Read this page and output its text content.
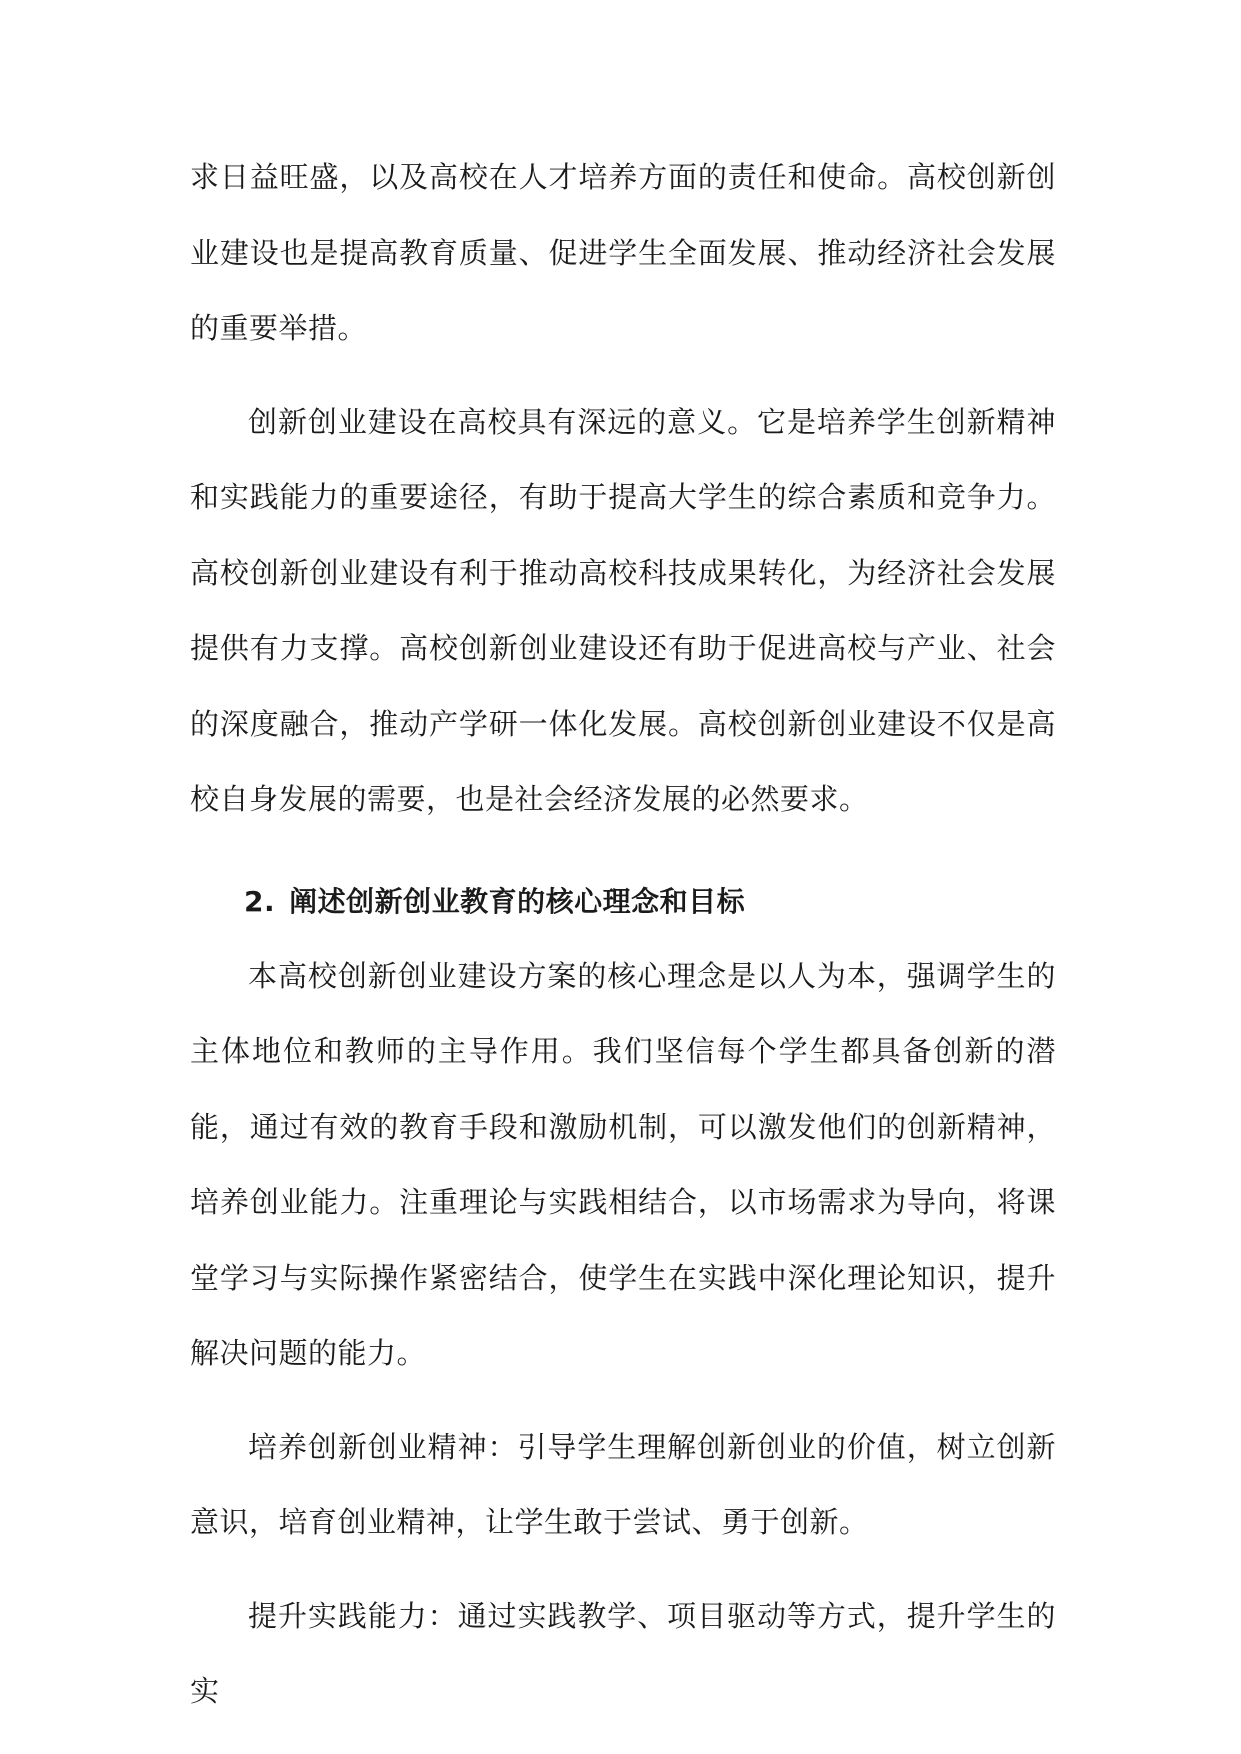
求日益旺盛，以及高校在人才培养方面的责任和使命。高校创新创业建设也是提高教育质量、促进学生全面发展、推动经济社会发展的重要举措。

创新创业建设在高校具有深远的意义。它是培养学生创新精神和实践能力的重要途径，有助于提高大学生的综合素质和竞争力。高校创新创业建设有利于推动高校科技成果转化，为经济社会发展提供有力支撑。高校创新创业建设还有助于促进高校与产业、社会的深度融合，推动产学研一体化发展。高校创新创业建设不仅是高校自身发展的需要，也是社会经济发展的必然要求。

2. 阐述创新创业教育的核心理念和目标

本高校创新创业建设方案的核心理念是以人为本，强调学生的主体地位和教师的主导作用。我们坚信每个学生都具备创新的潜能，通过有效的教育手段和激励机制，可以激发他们的创新精神，培养创业能力。注重理论与实践相结合，以市场需求为导向，将课堂学习与实际操作紧密结合，使学生在实践中深化理论知识，提升解决问题的能力。

培养创新创业精神：引导学生理解创新创业的价值，树立创新意识，培育创业精神，让学生敢于尝试、勇于创新。

提升实践能力：通过实践教学、项目驱动等方式，提升学生的实
